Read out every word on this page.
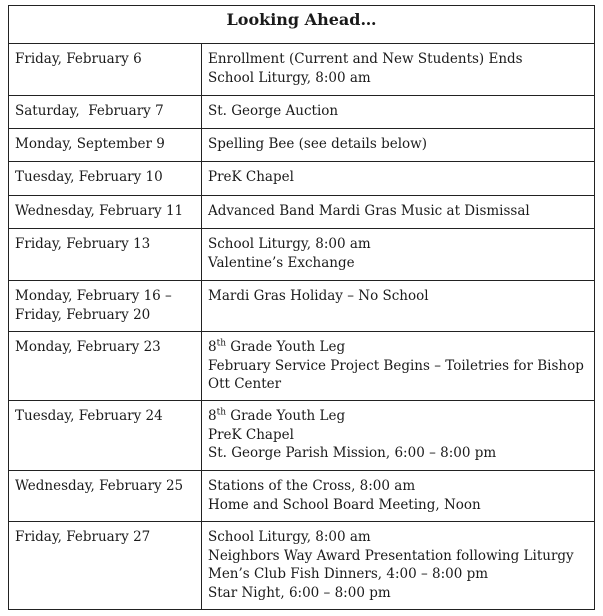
Looking Ahead…	

Friday, February 6	Enrollment (Current and New Students) Ends
School Liturgy, 8:00 am

Saturday,  February 7	St. George Auction

Monday, September 9	Spelling Bee (see details below)

Tuesday, February 10	PreK Chapel

Wednesday, February 11	Advanced Band Mardi Gras Music at Dismissal

Friday, February 13	School Liturgy, 8:00 am
Valentine’s Exchange

Monday, February 16 –
Friday, February 20	Mardi Gras Holiday – No School

Monday, February 23	8th Grade Youth Leg
February Service Project Begins – Toiletries for Bishop Ott Center

Tuesday, February 24	8th Grade Youth Leg
PreK Chapel
St. George Parish Mission, 6:00 – 8:00 pm

Wednesday, February 25	Stations of the Cross, 8:00 am
Home and School Board Meeting, Noon

Friday, February 27	School Liturgy, 8:00 am
Neighbors Way Award Presentation following Liturgy
Men’s Club Fish Dinners, 4:00 – 8:00 pm
Star Night, 6:00 – 8:00 pm
